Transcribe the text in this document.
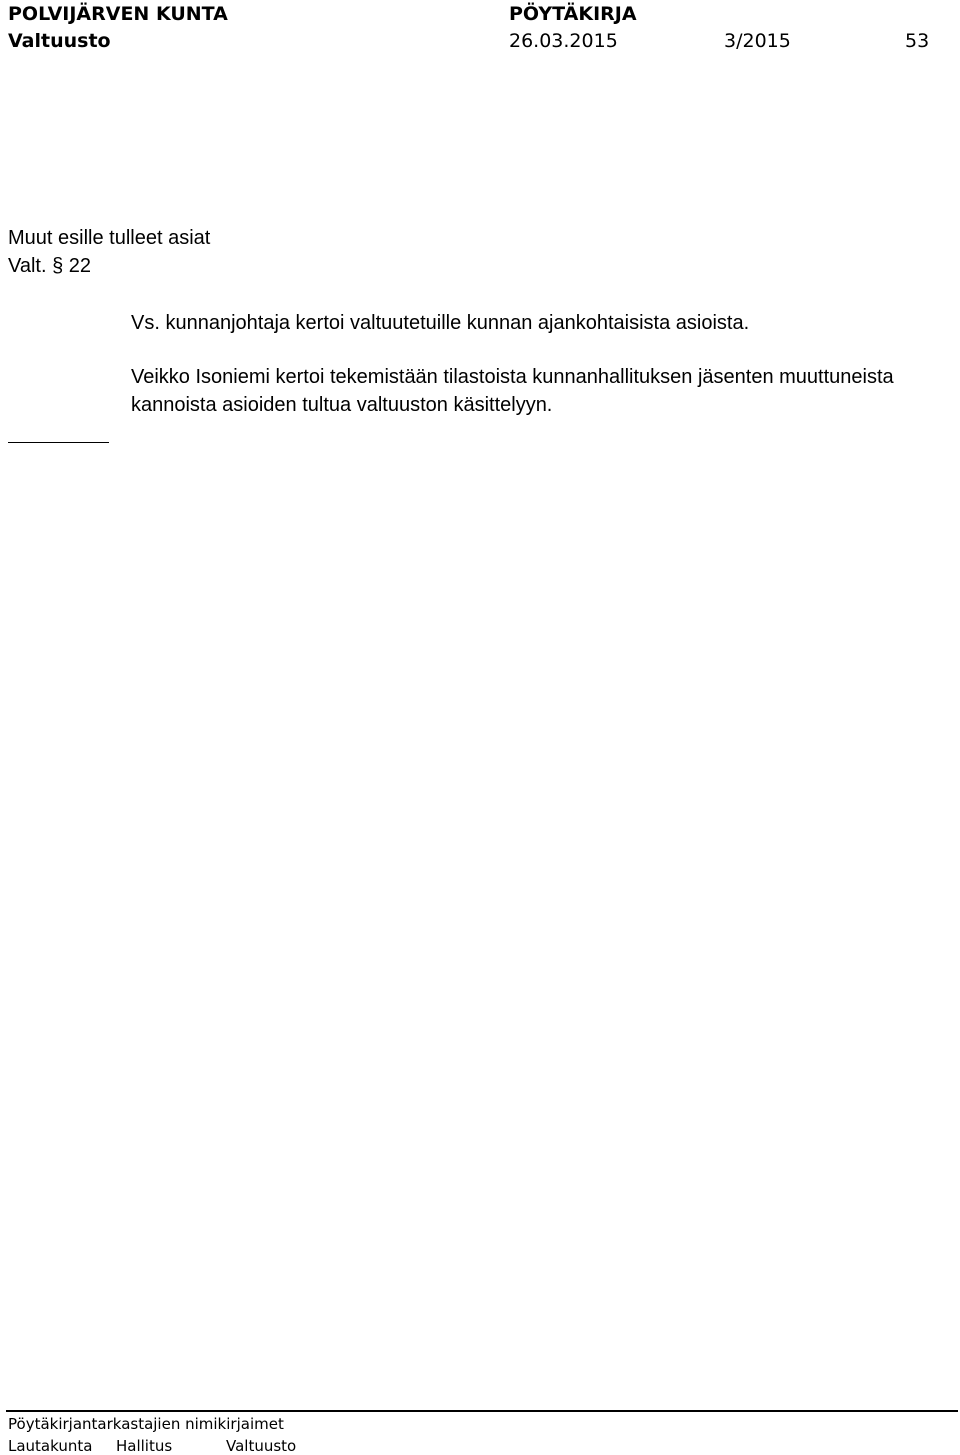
POLVIJÄRVEN KUNTA	PÖYTÄKIRJA
Valtuusto	26.03.2015	3/2015	53
Muut esille tulleet asiat
Valt. § 22
Vs. kunnanjohtaja kertoi valtuutetuille kunnan ajankohtaisista asioista.
Veikko Isoniemi kertoi tekemistään tilastoista kunnanhallituksen jäsenten muuttuneista
kannoista asioiden tultua valtuuston käsittelyyn.
Pöytäkirjantarkastajien nimikirjaimet
Lautakunta Hallitus	Valtuusto
